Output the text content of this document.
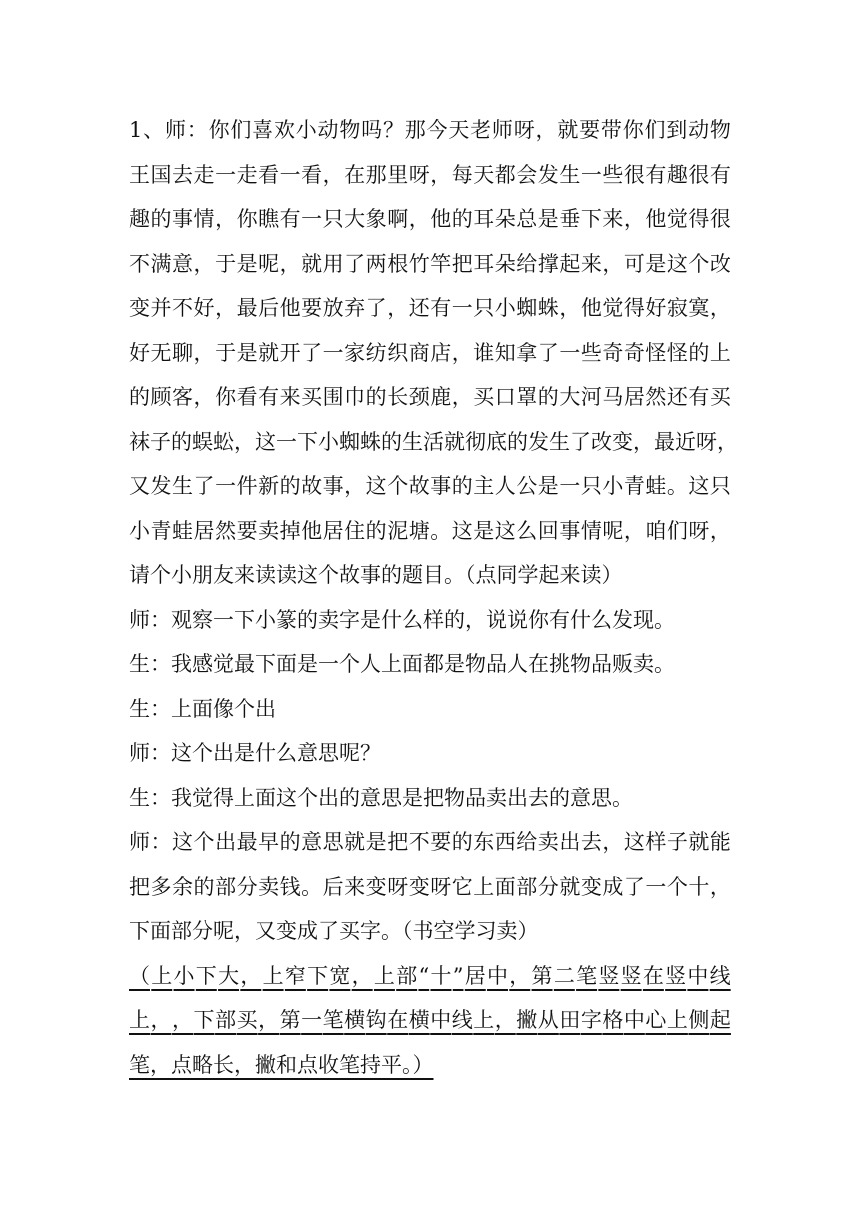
1 、 师 ： 你 们 喜 欢 小 动 物 吗 ？ 那 今 天 老 师 呀 ， 就 要 带 你 们 到 动 物
王 国 去 走 一 走 看 一 看 ， 在 那 里 呀 ， 每 天 都 会 发 生 一 些 很 有 趣 很 有
趣 的 事 情 ， 你 瞧 有 一 只 大 象 啊 ， 他 的 耳 朵 总 是 垂 下 来 ， 他 觉 得 很
不 满 意 ， 于 是 呢 ， 就 用 了 两 根 竹 竿 把 耳 朵 给 撑 起 来 ， 可 是 这 个 改
变 并 不 好 ， 最 后 他 要 放 弃 了 ， 还 有 一 只 小 蜘 蛛 ， 他 觉 得 好 寂 寞 ，
好 无 聊 ， 于 是 就 开 了 一 家 纺 织 商 店 ， 谁 知 拿 了 一 些 奇 奇 怪 怪 的 上
的 顾 客 ， 你 看 有 来 买 围 巾 的 长 颈 鹿 ， 买 口 罩 的 大 河 马 居 然 还 有 买
袜 子 的 蜈 蚣 ， 这 一 下 小 蜘 蛛 的 生 活 就 彻 底 的 发 生 了 改 变 ， 最 近 呀 ，
又 发 生 了 一 件 新 的 故 事 ， 这 个 故 事 的 主 人 公 是 一 只 小 青 蛙 。 这 只
小 青 蛙 居 然 要 卖 掉 他 居 住 的 泥 塘 。 这 是 这 么 回 事 情 呢 ， 咱 们 呀 ，
请个小朋友来读读这个故事的题目。（点同学起来读）
师：观察一下小篆的卖字是什么样的，说说你有什么发现。
生：我感觉最下面是一个人上面都是物品人在挑物品贩卖。
生：上面像个出
师：这个出是什么意思呢？
生：我觉得上面这个出的意思是把物品卖出去的意思。
师 ： 这 个 出 最 早 的 意 思 就 是 把 不 要 的 东 西 给 卖 出 去 ， 这 样 子 就 能
把 多 余 的 部 分 卖 钱 。 后 来 变 呀 变 呀 它 上 面 部 分 就 变 成 了 一 个 十 ，
下面部分呢，又变成了买字。（书空学习卖）
（ 上 小 下 大 ， 上 窄 下 宽 ， 上 部 “ 十 ” 居 中 ， 第 二 笔 竖 竖 在 竖 中 线
上 ， ， 下 部 买 ， 第 一 笔 横 钩 在 横 中 线 上 ， 撇 从 田 字 格 中 心 上 侧 起
笔，点略长，撇和点收笔持平。）
